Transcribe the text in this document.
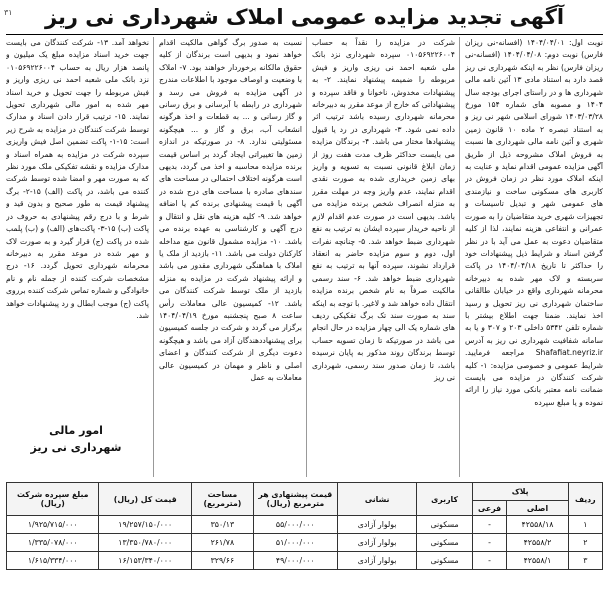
۳۱ آگهی تجدید مزایده عمومی املاک شهرداری نی ریز

نوبت اول: ۱۴۰۴/۰۴/۰۱ (افسانه-نی ریزان فارس) نوبت دوم: ۱۴۰۴/۰۴/۰۸ (افسانه-نی ریزان فارس) نظر به اینکه شهرداری نی ریز قصد دارد به استناد مادی ۱۳ آئین نامه مالی شهرداری ها و در راستای اجرای بودجه سال ۱۴۰۴ و مصوبه های شماره ۱۵۴ مورخ ۱۴۰۳/۰۳/۲۸ شورای اسلامی شهر نی ریز و به استناد تبصره ۲ ماده ۱۰ قانون زمین شهری و آئین نامه مالی شهرداری ها نسبت به فروش املاک مشروحه ذیل از طریق آگهی مزایده عمومی اقدام نماید و عنایت به اینکه املاک مورد نظر در زمان فروش در کاربری های مسکونی ساخت و نیازمندی های عمومی شهر و تبدیل تاسیسات و تجهیزات شهری خرید متقاضیان را به صورت عمرانی و انتفاعی هزینه نمایند، لذا از کلیه متقاضیان دعوت به عمل می آید با در نظر گرفتن اسناد و شرایط ذیل پیشنهادات خود را حداکثر تا تاریخ ۱۴۰۴/۰۴/۱۸ در پاکت سربسته و لاک مهر شده به دبیرخانه محرمانه شهرداری واقع در خیابان طالقانی ساختمان شهرداری نی ریز تحویل و رسید اخذ نمایند. ضمنا جهت اطلاع بیشتر با شماره تلفن ۵۳۴۲ داخلی ۲۰۳ و ۳۰۷ و یا به سامانه شفافیت شهرداری نی ریز به آدرس Shafafiat.neyriz.ir مراجعه فرمایید. شرایط عمومی و خصوصی مزایده: ۱- کلیه شرکت کنندگان در مزایده می بایست ضمانت نامه معتبر بانکی مورد نیاز را ارائه نموده و یا مبلغ سپرده

شرکت در مزایده را نقداً به حساب ۰۱۰۵۶۹۲۲۶۰۰۴ سپرده شهرداری نزد بانک ملی شعبه احمد نی ریزی واریز و فیش مربوطه را ضمیمه پیشنهاد نمایند. ۲- به پیشنهادات مخدوش، ناخوانا و فاقد سپرده و پیشنهاداتی که خارج از موعد مقرر به دبیرخانه محرمانه شهرداری رسیده باشد ترتیب اثر داده نمی شود. ۳- شهرداری در رد یا قبول پیشنهادها مختار می باشد. ۴- برندگان مزایده می بایست حداکثر ظرف مدت هفت روز از زمان ابلاغ قانونی نسبت به تسویه و واریز بهای زمین خریداری شده به صورت نقدی اقدام نمایند، عدم واریز وجه در مهلت مقرر به منزله انصراف شخص برنده مزایده می باشد. بدیهی است در صورت عدم اقدام لازم از ناحیه خریدار سپرده ایشان به ترتیب به نفع شهرداری ضبط خواهد شد. ۵- چنانچه نفرات اول، دوم و سوم مزایده حاضر به انعقاد قرارداد نشوند، سپرده آنها به ترتیب به نفع شهرداری ضبط خواهد شد. ۶- سند رسمی مالکیت صرفاً به نام شخص برنده مزایده انتقال داده خواهد شد و لاغیر. با توجه به اینکه سند به صورت سند تک برگ تفکیکی ردیف های شماره یک الی چهار مزایده در حال انجام می باشد در صورتیکه تا زمان تسویه حساب توسط برندگان روند مذکور به پایان نرسیده باشد، تا زمان صدور سند رسمی، شهرداری نی ریز

نسبت به صدور برگ گواهی مالکیت اقدام خواهد نمود و بدیهی است برندگان از کلیه حقوق مالکانه برخوردار خواهند بود. ۷- املاک با وضعیت و اوصاف موجود با اطلاعات مندرج در آگهی مزایده به فروش می رسد و شهرداری در رابطه با آبرسانی و برق رسانی و گاز رسانی و ... به قطعات و اخذ هرگونه انشعاب آب، برق و گاز و ... هیچگونه مسئولیتی ندارد. ۸- در صورتیکه در اندازه زمین ها تغییراتی ایجاد گردد بر اساس قیمت برنده مزایده محاسبه و اخذ می گردد، بدیهی است هرگونه اختلاف احتمالی در مساحت های سندهای صادره با مساحت های درج شده در آگهی با قیمت پیشنهادی برنده کم یا اضافه خواهد شد. ۹- کلیه هزینه های نقل و انتقال و درج آگهی و کارشناسی به عهده برنده می باشد. ۱۰- مزایده مشمول قانون منع مداخله کارکنان دولت می باشد. ۱۱- بازدید از ملک یا املاک با هماهنگی شهرداری مقدور می باشد و ارائه پیشنهاد شرکت در مزایده به منزله بازدید از ملک توسط شرکت کنندگان می باشد. ۱۲- کمیسیون عالی معاملات رأس ساعت ۸ صبح پنجشنبه مورخ ۱۴۰۴/۰۴/۱۹ برگزار می گردد و شرکت در جلسه کمیسیون برای پیشنهاددهندگان آزاد می باشد و هیچگونه دعوت دیگری از شرکت کنندگان و اعضای اصلی و ناظر و مهمان در کمیسیون عالی معاملات به عمل

نخواهد آمد. ۱۳- شرکت کنندگان می بایست جهت خرید اسناد مزایده مبلغ یک میلیون و پانصد هزار ریال به حساب ۰۱۰۵۶۹۲۲۶۰۰۴ نزد بانک ملی شعبه احمد نی ریزی واریز و فیش مربوطه را جهت تحویل و خرید اسناد مهر شده به امور مالی شهرداری تحویل نمایند. ۱۵- ترتیب قرار دادن اسناد و مدارک توسط شرکت کنندگان در مزایده به شرح زیر است: ۱۵-۱- پاکت تضمین اصل فیش واریزی سپرده شرکت در مزایده به همراه اسناد و مدارک مزایده و نقشه تفکیکی ملک مورد نظر که به صورت مهر و امضا شده توسط شرکت کننده می باشد، در پاکت (الف) ۱۵-۲- برگ پیشنهاد قیمت به طور صحیح و بدون قید و شرط و با درج رقم پیشنهادی به حروف در پاکت (ب) ۱۵-۳- پاکت‌های (الف) و (ب) پلمب شده در پاکت (ج) قرار گیرد و به صورت لاک و مهر شده در موعد مقرر به دبیرخانه محرمانه شهرداری تحویل گردد. ۱۶- درج مشخصات شرکت کننده از جمله نام و نام خانوادگی و شماره تماس شرکت کننده برروی پاکت (ج) موجب ابطال و رد پیشنهادات خواهد شد.

امور مالی
شهرداری نی ریز
ردیف	پلاک		کاربری	نشانی	قیمت پیشنهادی هر مترمربع (ریال)	مساحت (مترمربع)	قیمت کل (ریال)	مبلغ سپرده شرکت (ریال)
	اصلی	فرعی						
۱	۴۲۵۵۸/۱۸	-	مسکونی	بولوار آزادی	۵۵/۰۰۰/۰۰۰	۳۵۰/۱۳	۱۹/۲۵۷/۱۵۰/۰۰۰	۱/۹۲۵/۷۱۵/۰۰۰
۲	۴۲۵۵۸/۲	-	مسکونی	بولوار آزادی	۵۱/۰۰۰/۰۰۰	۲۶۱/۷۸	۱۳/۳۵۰/۷۸۰/۰۰۰	۱/۳۳۵/۰۷۸/۰۰۰
۳	۴۲۵۵۸/۱	-	مسکونی	بولوار آزادی	۴۹/۰۰۰/۰۰۰	۳۲۹/۶۶	۱۶/۱۵۳/۳۴۰/۰۰۰	۱/۶۱۵/۳۳۴/۰۰۰
